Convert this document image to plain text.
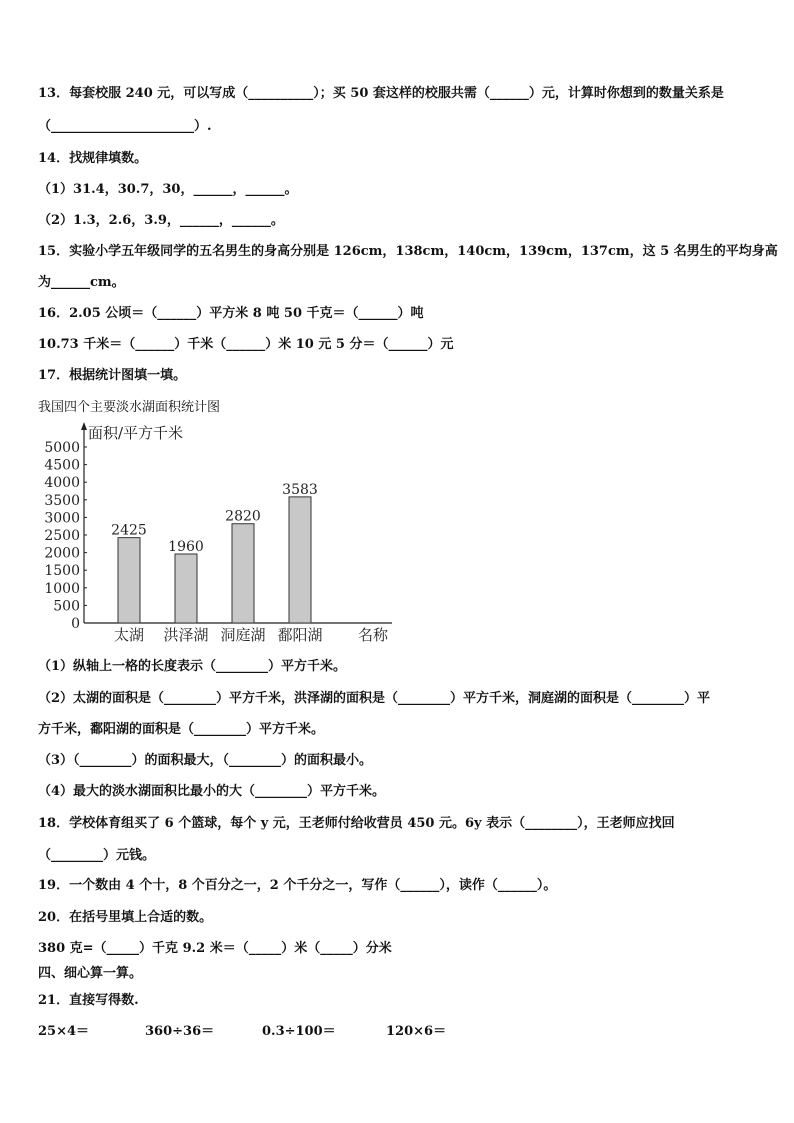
13．每套校服 240 元，可以写成（__________）；买 50 套这样的校服共需（______）元，计算时你想到的数量关系是
（______________________）.
14．找规律填数。
（1）31.4，30.7，30，______，______。
（2）1.3，2.6，3.9，______，______。
15．实验小学五年级同学的五名男生的身高分别是 126cm，138cm，140cm，139cm，137cm，这 5 名男生的平均身高
为______cm。
16．2.05 公顷＝（______）平方米 8 吨 50 千克＝（______）吨
10.73 千米＝（______）千米（______）米 10 元 5 分＝（______）元
17．根据统计图填一填。
我国四个主要淡水湖面积统计图
面积/平方千米
名称
5000
4500
4000
3500
3000
2500
2000
1500
1000
500
0
2425
太湖
1960
洪泽湖
2820
洞庭湖
3583
鄱阳湖
（1）纵轴上一格的长度表示（________）平方千米。
（2）太湖的面积是（________）平方千米，洪泽湖的面积是（________）平方千米，洞庭湖的面积是（________）平
方千米，鄱阳湖的面积是（________）平方千米。
（3）（________）的面积最大，（________）的面积最小。
（4）最大的淡水湖面积比最小的大（________）平方千米。
18．学校体育组买了 6 个篮球，每个 y 元，王老师付给收营员 450 元。6y 表示（________），王老师应找回
（________）元钱。
19．一个数由 4 个十，8 个百分之一，2 个千分之一，写作（______），读作（______）。
20．在括号里填上合适的数。
380 克=（_____）千克 9.2 米＝（_____）米（_____）分米
四、细心算一算。
21．直接写得数.
25×4＝	360÷36＝	0.3÷100＝	120×6＝
